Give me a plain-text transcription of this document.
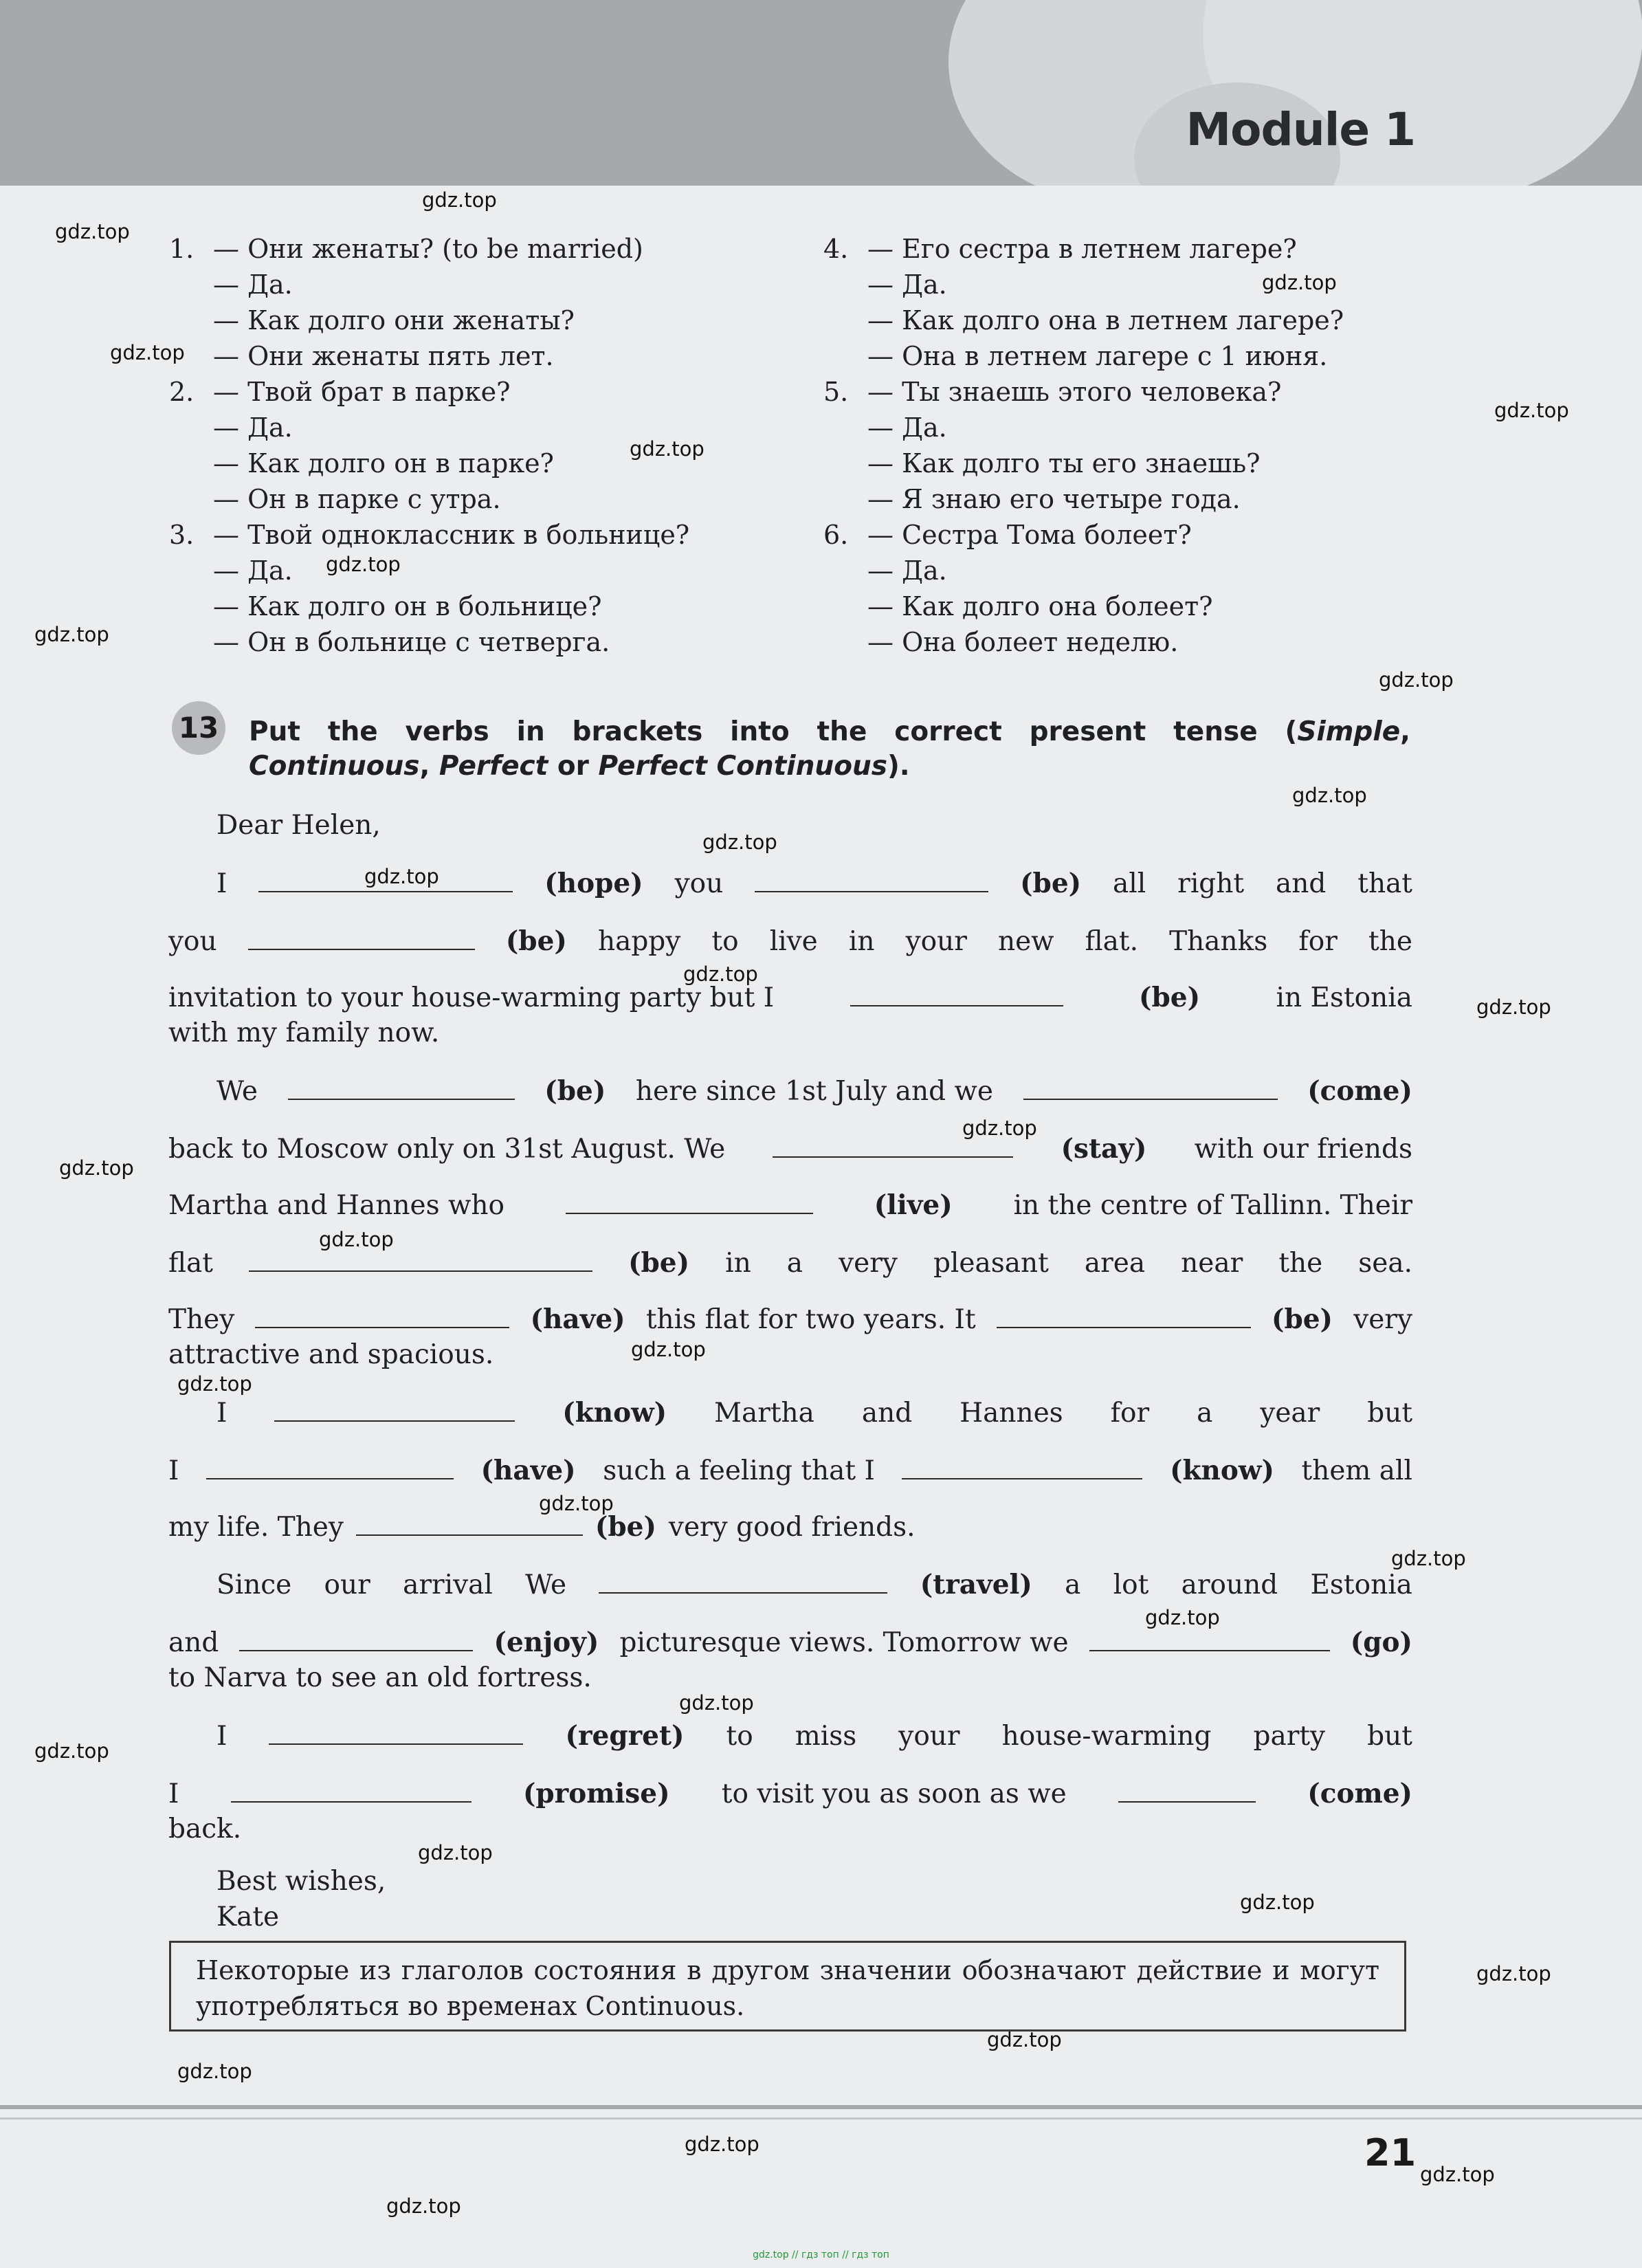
Module 1
gdz.top
gdz.top
gdz.top
gdz.top
gdz.top
gdz.top
gdz.top
gdz.top
gdz.top
gdz.top
gdz.top
gdz.top
gdz.top
gdz.top
gdz.top
gdz.top
gdz.top
gdz.top
gdz.top
gdz.top
gdz.top
gdz.top
gdz.top
gdz.top
gdz.top
gdz.top
gdz.top
gdz.top
gdz.top
gdz.top
gdz.top
gdz.top
1. — Они женаты? (to be married)
— Да.
— Как долго они женаты?
— Они женаты пять лет.
2. — Твой брат в парке?
— Да.
— Как долго он в парке?
— Он в парке с утра.
3. — Твой одноклассник в больнице?
— Да.
— Как долго он в больнице?
— Он в больнице с четверга.
4. — Его сестра в летнем лагере?
— Да.
— Как долго она в летнем лагере?
— Она в летнем лагере с 1 июня.
5. — Ты знаешь этого человека?
— Да.
— Как долго ты его знаешь?
— Я знаю его четыре года.
6. — Сестра Тома болеет?
— Да.
— Как долго она болеет?
— Она болеет неделю.
13 Put the verbs in brackets into the correct present tense (Simple, Continuous, Perfect or Perfect Continuous).
Dear Helen,
I	(hope) you	(be) all right and that
you	(be) happy to live in your new flat. Thanks for the
invitation to your house-warming party but I	(be)	in Estonia
with my family now.
We	(be) here since 1st July and we	(come)
back to Moscow only on 31st August. We	(stay) with our friends
Martha and Hannes who	(live) in the centre of Tallinn. Their
flat	(be) in a very pleasant area near the sea.
They	(have) this flat for two years. It	(be) very
attractive and spacious.
I	(know) Martha and Hannes for a year but
I	(have) such a feeling that I	(know) them all
my life. They	(be) very good friends.
Since our arrival We	(travel) a lot around Estonia
and	(enjoy) picturesque views. Tomorrow we	(go)
to Narva to see an old fortress.
I	(regret) to miss your house-warming party but
I	(promise) to visit you as soon as we	(come)
back.
Best wishes,
Kate
Некоторые из глаголов состояния в другом значении обозначают действие и могут употребляться во временах Continuous.
21
gdz.top // гдз топ // гдз топ
